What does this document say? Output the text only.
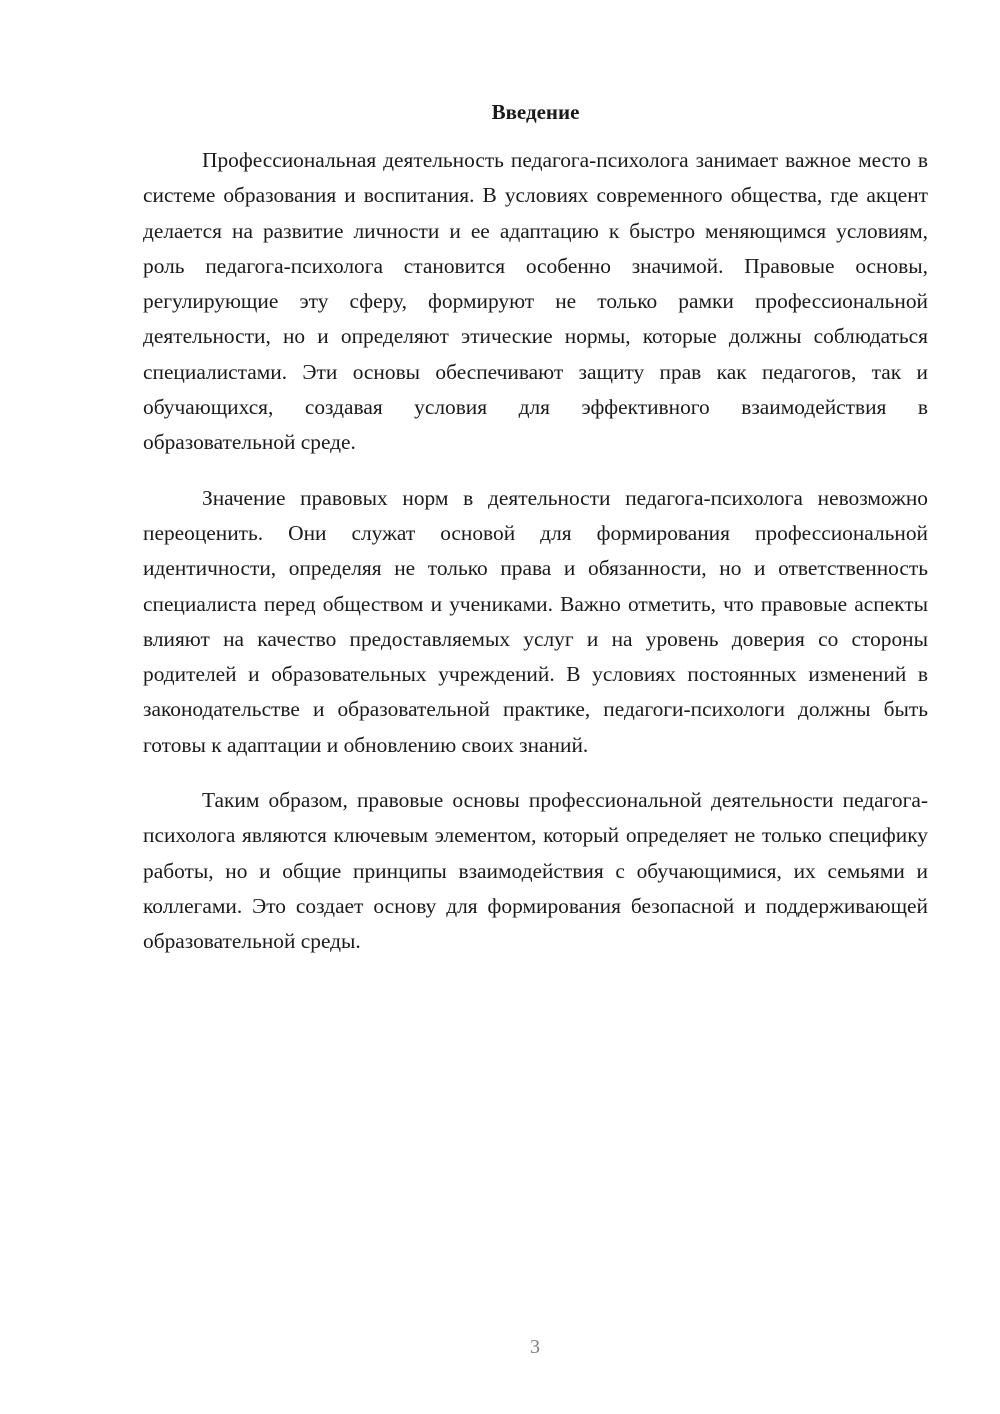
Введение

Профессиональная деятельность педагога-психолога занимает важное место в системе образования и воспитания. В условиях современного общества, где акцент делается на развитие личности и ее адаптацию к быстро меняющимся условиям, роль педагога-психолога становится особенно значимой. Правовые основы, регулирующие эту сферу, формируют не только рамки профессиональной деятельности, но и определяют этические нормы, которые должны соблюдаться специалистами. Эти основы обеспечивают защиту прав как педагогов, так и обучающихся, создавая условия для эффективного взаимодействия в образовательной среде.

Значение правовых норм в деятельности педагога-психолога невозможно переоценить. Они служат основой для формирования профессиональной идентичности, определяя не только права и обязанности, но и ответственность специалиста перед обществом и учениками. Важно отметить, что правовые аспекты влияют на качество предоставляемых услуг и на уровень доверия со стороны родителей и образовательных учреждений. В условиях постоянных изменений в законодательстве и образовательной практике, педагоги-психологи должны быть готовы к адаптации и обновлению своих знаний.

Таким образом, правовые основы профессиональной деятельности педагога-психолога являются ключевым элементом, который определяет не только специфику работы, но и общие принципы взаимодействия с обучающимися, их семьями и коллегами. Это создает основу для формирования безопасной и поддерживающей образовательной среды.

3
